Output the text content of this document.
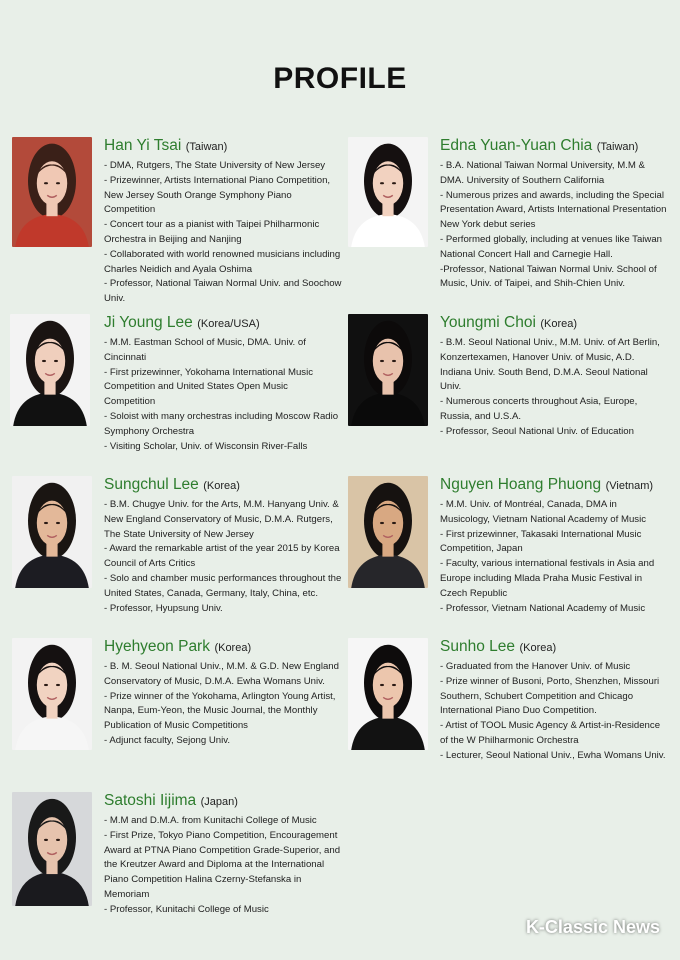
PROFILE
Han Yi Tsai (Taiwan)
- DMA, Rutgers, The State University of New Jersey
- Prizewinner, Artists International Piano Competition, New Jersey South Orange Symphony Piano Competition
- Concert tour as a pianist with Taipei Philharmonic Orchestra in Beijing and Nanjing
- Collaborated with world renowned musicians including Charles Neidich and Ayala Oshima
- Professor, National Taiwan Normal Univ. and Soochow Univ.
Edna Yuan-Yuan Chia (Taiwan)
- B.A. National Taiwan Normal University, M.M & DMA. University of Southern California
- Numerous prizes and awards, including the Special Presentation Award, Artists International Presentation New York debut series
- Performed globally, including at venues like Taiwan National Concert Hall and Carnegie Hall.
-Professor, National Taiwan Normal Univ. School of Music, Univ. of Taipei, and Shih-Chien Univ.
Ji Young Lee (Korea/USA)
- M.M. Eastman School of Music, DMA. Univ. of Cincinnati
- First prizewinner, Yokohama International Music Competition and United States Open Music Competition
- Soloist with many orchestras including Moscow Radio Symphony Orchestra
- Visiting Scholar, Univ. of Wisconsin River-Falls
Youngmi Choi (Korea)
- B.M. Seoul National Univ., M.M. Univ. of Art Berlin, Konzertexamen, Hanover Univ. of Music, A.D. Indiana Univ. South Bend, D.M.A. Seoul National Univ.
- Numerous concerts throughout Asia, Europe, Russia, and U.S.A.
- Professor, Seoul National Univ. of Education
Sungchul Lee (Korea)
- B.M. Chugye Univ. for the Arts, M.M. Hanyang Univ. & New England Conservatory of Music, D.M.A. Rutgers, The State University of New Jersey
- Award the remarkable artist of the year 2015 by Korea Council of Arts Critics
- Solo and chamber music performances throughout the United States, Canada, Germany, Italy, China, etc.
- Professor, Hyupsung Univ.
Nguyen Hoang Phuong (Vietnam)
- M.M. Univ. of Montréal, Canada, DMA in Musicology, Vietnam National Academy of Music
- First prizewinner, Takasaki International Music Competition, Japan
- Faculty, various international festivals in Asia and Europe including Mlada Praha Music Festival in Czech Republic
- Professor, Vietnam National Academy of Music
Hyehyeon Park (Korea)
- B. M. Seoul National Univ., M.M. & G.D. New England Conservatory of Music, D.M.A. Ewha Womans Univ.
- Prize winner of the Yokohama, Arlington Young Artist, Nanpa, Eum-Yeon, the Music Journal, the Monthly Publication of Music Competitions
- Adjunct faculty, Sejong Univ.
Sunho Lee (Korea)
- Graduated from the Hanover Univ. of Music
- Prize winner of Busoni, Porto, Shenzhen, Missouri Southern, Schubert Competition and Chicago International Piano Duo Competition.
- Artist of TOOL Music Agency & Artist-in-Residence of the W Philharmonic Orchestra
- Lecturer, Seoul National Univ., Ewha Womans Univ.
Satoshi Iijima (Japan)
- M.M and D.M.A. from Kunitachi College of Music
- First Prize, Tokyo Piano Competition, Encouragement Award at PTNA Piano Competition Grade-Superior, and the Kreutzer Award and Diploma at the International Piano Competition Halina Czerny-Stefanska in Memoriam
- Professor, Kunitachi College of Music
K-Classic News
